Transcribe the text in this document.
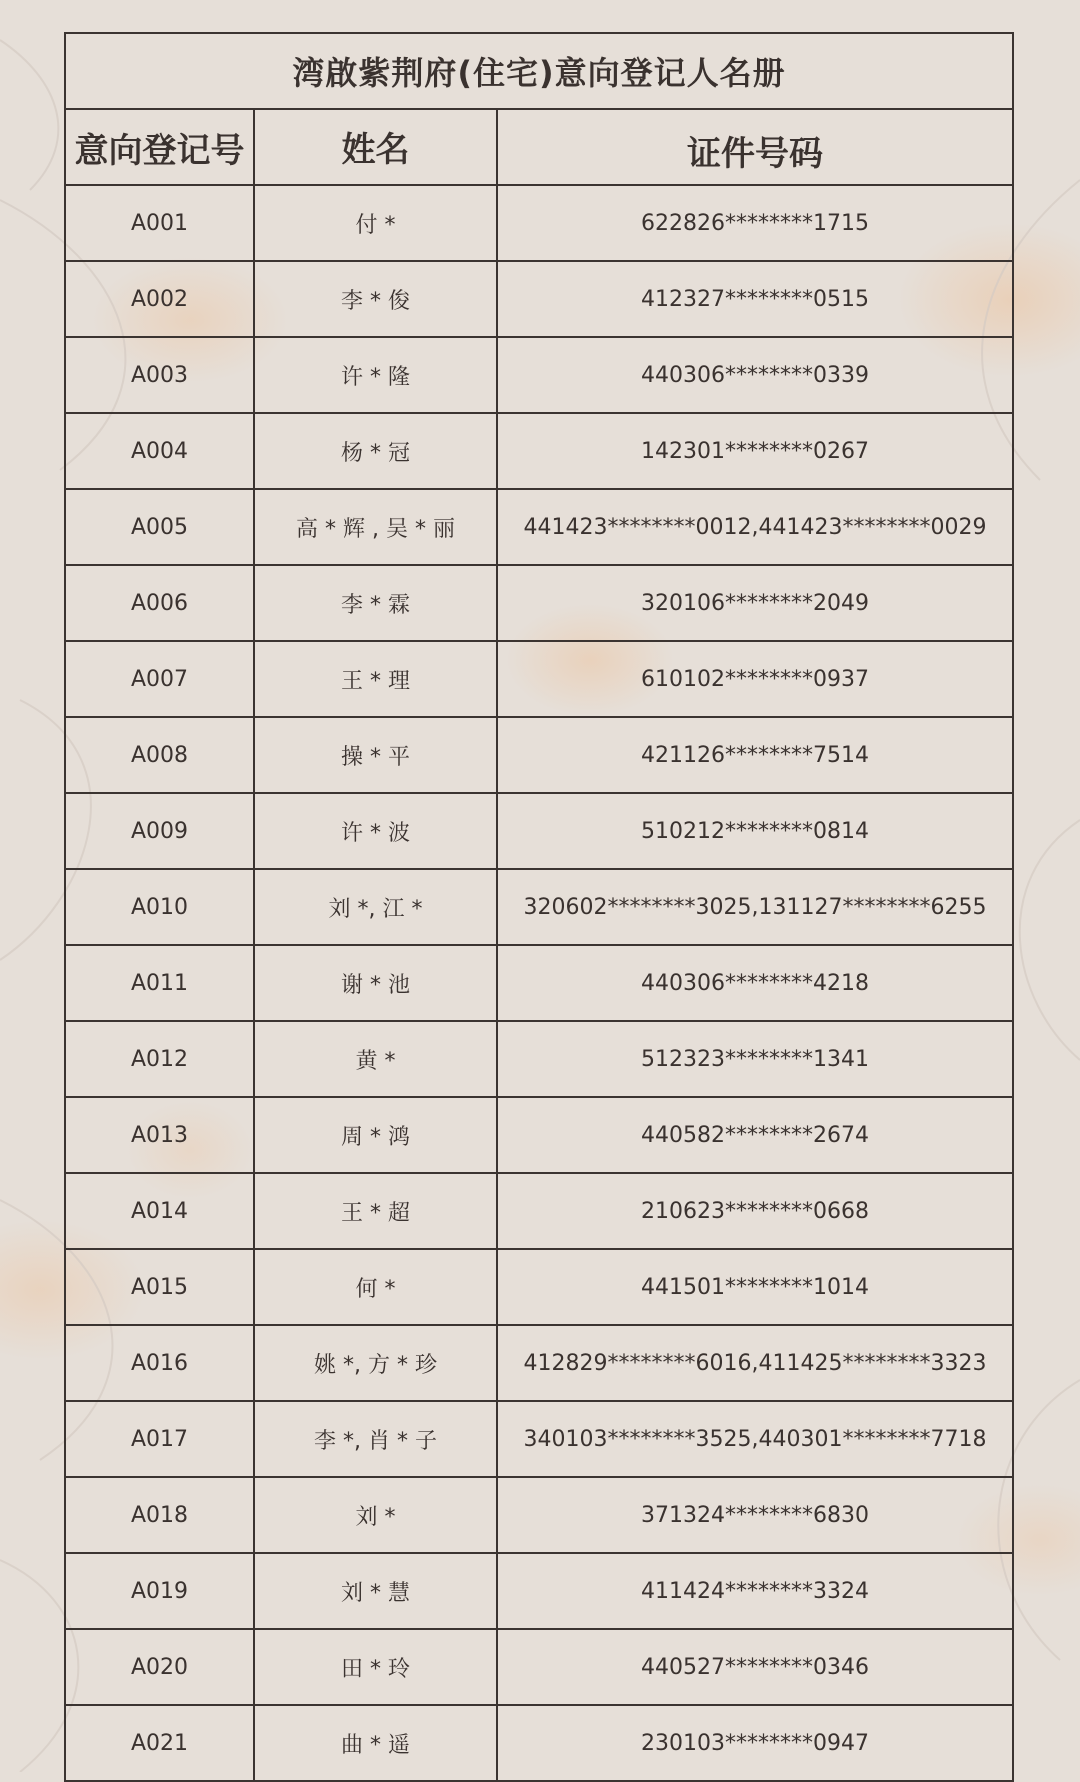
湾啟紫荆府(住宅)意向登记人名册
意向登记号	姓名	证件号码
A001	付 *	622826********1715
A002	李 * 俊	412327********0515
A003	许 * 隆	440306********0339
A004	杨 * 冠	142301********0267
A005	高 * 辉 , 吴 * 丽	441423********0012,441423********0029
A006	李 * 霖	320106********2049
A007	王 * 理	610102********0937
A008	操 * 平	421126********7514
A009	许 * 波	510212********0814
A010	刘 *, 江 *	320602********3025,131127********6255
A011	谢 * 池	440306********4218
A012	黄 *	512323********1341
A013	周 * 鸿	440582********2674
A014	王 * 超	210623********0668
A015	何 *	441501********1014
A016	姚 *, 方 * 珍	412829********6016,411425********3323
A017	李 *, 肖 * 子	340103********3525,440301********7718
A018	刘 *	371324********6830
A019	刘 * 慧	411424********3324
A020	田 * 玲	440527********0346
A021	曲 * 遥	230103********0947
